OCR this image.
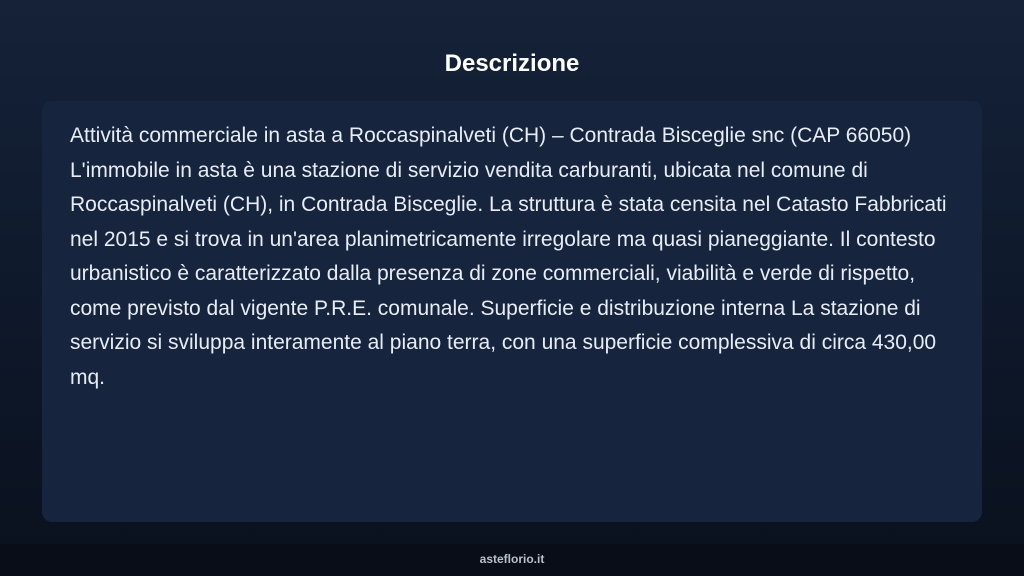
Descrizione

Attività commerciale in asta a Roccaspinalveti (CH) – Contrada Bisceglie snc (CAP 66050) L'immobile in asta è una stazione di servizio vendita carburanti, ubicata nel comune di Roccaspinalveti (CH), in Contrada Bisceglie. La struttura è stata censita nel Catasto Fabbricati nel 2015 e si trova in un'area planimetricamente irregolare ma quasi pianeggiante. Il contesto urbanistico è caratterizzato dalla presenza di zone commerciali, viabilità e verde di rispetto, come previsto dal vigente P.R.E. comunale. Superficie e distribuzione interna La stazione di servizio si sviluppa interamente al piano terra, con una superficie complessiva di circa 430,00 mq.

asteflorio.it
